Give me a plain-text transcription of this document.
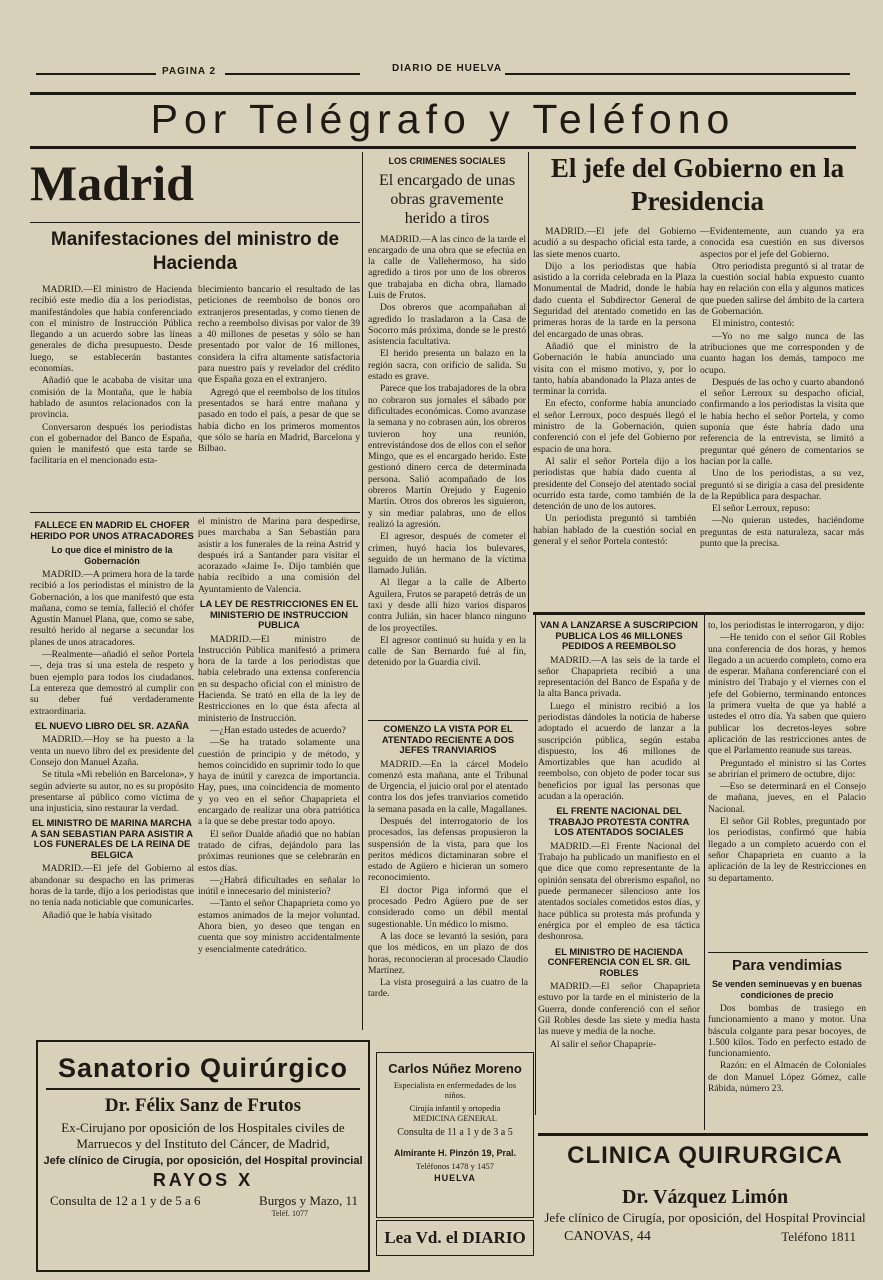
PAGINA 2	DIARIO DE HUELVA
Por Telégrafo y Teléfono
Madrid
Manifestaciones del ministro de Hacienda

MADRID.—El ministro de Hacienda recibió este medio día a los periodistas, manifestándoles que había conferenciado con el ministro de Instrucción Pública llegando a un acuerdo sobre las líneas generales de dicha presupuesto. Desde luego, se establecerán bastantes economías.

Añadió que le acababa de visitar una comisión de la Montaña, que le había hablado de asuntos relacionados con la provincia.

Conversaron después los periodistas con el gobernador del Banco de España, quien le manifestó que esta tarde se facilitaría en el mencionado esta-

blecimiento bancario el resultado de las peticiones de reembolso de bonos oro extranjeros presentadas, y como tienen de recho a reembolso divisas por valor de 39 a 40 millones de pesetas y sólo se han presentado por valor de 16 millones, considera la cifra altamente satisfactoria para nuestro país y revelador del crédito que España goza en el extranjero.

Agregó que el reembolso de los títulos presentados se hará entre mañana y pasado en todo el país, a pesar de que se había dicho en los primeros momentos que sólo se haría en Madrid, Barcelona y Bilbao.

FALLECE EN MADRID EL CHOFER HERIDO POR UNOS ATRACADORES
Lo que dice el ministro de la Gobernación

MADRID.—A primera hora de la tarde recibió a los periodistas el ministro de la Gobernación, a los que manifestó que esta mañana, como se temía, falleció el chófer Agustín Manuel Plana, que, como se sabe, resultó herido al negarse a secundar los planes de unos atracadores.

—Realmente—añadió el señor Portela—, deja tras sí una estela de respeto y buen ejemplo para todos los ciudadanos. La entereza que demostró al cumplir con su deber fué verdaderamente extraordinaria.

EL NUEVO LIBRO DEL SR. AZAÑA

MADRID.—Hoy se ha puesto a la venta un nuevo libro del ex presidente del Consejo don Manuel Azaña.

Se titula «Mi rebelión en Barcelona», y según advierte su autor, no es su propósito presentarse al público como víctima de una injusticia, sino restaurar la verdad.

EL MINISTRO DE MARINA MARCHA A SAN SEBASTIAN PARA ASISTIR A LOS FUNERALES DE LA REINA DE BELGICA

MADRID.—El jefe del Gobierno al abandonar su despacho en las primeras horas de la tarde, dijo a los periodistas que no tenía nada noticiable que comunicarles.

Añadió que le había visitado

el ministro de Marina para despedirse, pues marchaba a San Sebastián para asistir a los funerales de la reina Astrid y después irá a Santander para visitar el acorazado «Jaime I». Dijo también que había recibido a una comisión del Ayuntamiento de Valencia.

LA LEY DE RESTRICCIONES EN EL MINISTERIO DE INSTRUCCION PUBLICA

MADRID.—El ministro de Instrucción Pública manifestó a primera hora de la tarde a los periodistas que había celebrado una extensa conferencia en su despacho oficial con el ministro de Hacienda. Se trató en ella de la ley de Restricciones en lo que ésta afecta al ministerio de Instrucción.

—¿Han estado ustedes de acuerdo?

—Se ha tratado solamente una cuestión de principio y de método, y hemos coincidido en suprimir todo lo que haya de inútil y carezca de importancia. Hay, pues, una coincidencia de momento y yo veo en el señor Chapaprieta el encargado de realizar una obra patriótica a la que se debe prestar todo apoyo.

El señor Dualde añadió que no habían tratado de cifras, dejándolo para las próximas reuniones que se celebrarán en estos días.

—¿Habrá dificultades en señalar lo inútil e innecesario del ministerio?

—Tanto el señor Chapaprieta como yo estamos animados de la mejor voluntad. Ahora bien, yo deseo que tengan en cuenta que soy ministro accidentalmente y esencialmente catedrático.

LOS CRIMENES SOCIALES
El encargado de unas obras gravemente herido a tiros

MADRID.—A las cinco de la tarde el encargado de una obra que se efectúa en la calle de Vallehermoso, ha sido agredido a tiros por uno de los obreros que trabajaba en dicha obra, llamado Luis de Frutos.

Dos obreros que acompañaban al agredido lo trasladaron a la Casa de Socorro más próxima, donde se le prestó asistencia facultativa.

El herido presenta un balazo en la región sacra, con orificio de salida. Su estado es grave.

Parece que los trabajadores de la obra no cobraron sus jornales el sábado por dificultades económicas. Como avanzase la semana y no cobrasen aún, los obreros tuvieron hoy una reunión, entrevistándose dos de ellos con el señor Mingo, que es el encargado herido. Este gestionó dinero cerca de determinada persona. Salió acompañado de los obreros Martín Orejudo y Eugenio Martín. Otros dos obreros les siguieron, y sin mediar palabras, uno de ellos realizó la agresión.

El agresor, después de cometer el crimen, huyó hacia los bulevares, seguido de un hermano de la víctima llamado Julián.

Al llegar a la calle de Alberto Aguilera, Frutos se parapetó detrás de un taxi y desde allí hizo varios disparos contra Julián, sin hacer blanco ninguno de los proyectiles.

El agresor continuó su huída y en la calle de San Bernardo fué al fin, detenido por la Guardia civil.

COMENZO LA VISTA POR EL ATENTADO RECIENTE A DOS JEFES TRANVIARIOS

MADRID.—En la cárcel Modelo comenzó esta mañana, ante el Tribunal de Urgencia, el juicio oral por el atentado contra los dos jefes tranviarios cometido la semana pasada en la calle, Magallanes.

Después del interrogatorio de los procesados, las defensas propusieron la suspensión de la vista, para que los peritos médicos dictaminaran sobre el estado de Agüero e hicieran un somero reconocimiento.

El doctor Piga informó que el procesado Pedro Agüero pue de ser considerado como un débil mental sugestionable. Un médico lo mismo.

A las doce se levantó la sesión, para que los médicos, en un plazo de dos horas, reconocieran al procesado Claudio Martínez.

La vista proseguirá a las cuatro de la tarde.

El jefe del Gobierno en la Presidencia

MADRID.—El jefe del Gobierno acudió a su despacho oficial esta tarde, a las siete menos cuarto.

Dijo a los periodistas que había asistido a la corrida celebrada en la Plaza Monumental de Madrid, donde le había dado cuenta el Subdirector General de Seguridad del atentado cometido en las primeras horas de la tarde en la persona del encargado de unas obras.

Añadió que el ministro de la Gobernación le había anunciado una visita con el mismo motivo, y, por lo tanto, había abandonado la Plaza antes de terminar la corrida.

En efecto, conforme había anunciado el señor Lerroux, poco después llegó el ministro de la Gobernación, quien conferenció con el jefe del Gobierno por espacio de una hora.

Al salir el señor Portela dijo a los periodistas que había dado cuenta al presidente del Consejo del atentado social ocurrido esta tarde, como también de la detención de uno de los autores.

Un periodista preguntó si también habían hablado de la cuestión social en general y el señor Portela contestó:

—Evidentemente, aun cuando ya era conocida esa cuestión en sus diversos aspectos por el jefe del Gobierno.

Otro periodista preguntó si al tratar de la cuestión social había expuesto cuanto hay en relación con ella y algunos matices que pueden salirse del ámbito de la cartera de Gobernación.

El ministro, contestó:

—Yo no me salgo nunca de las atribuciones que me corresponden y de cuanto hagan los demás, tampoco me ocupo.

Después de las ocho y cuarto abandonó el señor Lerroux su despacho oficial, confirmando a los periodistas la visita que le había hecho el señor Portela, y como suponía que éste habría dado una referencia de la entrevista, se limitó a preguntar qué género de comentarios se hacían por la calle.

Uno de los periodistas, a su vez, preguntó si se dirigía a casa del presidente de la República para despachar.

El señor Lerroux, repuso:

—No quieran ustedes, haciéndome preguntas de esta naturaleza, sacar más punto que la precisa.

VAN A LANZARSE A SUSCRIPCION PUBLICA LOS 46 MILLONES PEDIDOS A REEMBOLSO

MADRID.—A las seis de la tarde el señor Chapaprieta recibió a una representación del Banco de España y de la alta Banca privada.

Luego el ministro recibió a los periodistas dándoles la noticia de haberse adoptado el acuerdo de lanzar a la suscripción pública, según estaba dispuesto, los 46 millones de Amortizables que han acudido al reembolso, con objeto de poder tocar sus beneficios por igual las personas que acudan a la operación.

EL FRENTE NACIONAL DEL TRABAJO PROTESTA CONTRA LOS ATENTADOS SOCIALES

MADRID.—El Frente Nacional del Trabajo ha publicado un manifiesto en el que dice que como representante de la opinión sensata del obrerismo español, no puede permanecer silencioso ante los atentados sociales cometidos estos días, y hace pública su protesta más profunda y enérgica por el empleo de esa táctica deshonrosa.

EL MINISTRO DE HACIENDA CONFERENCIA CON EL SR. GIL ROBLES

MADRID.—El señor Chapaprieta estuvo por la tarde en el ministerio de la Guerra, donde conferenció con el señor Gil Robles desde las siete y media hasta las nueve y media de la noche.

Al salir el señor Chapaprie-

to, los periodistas le interrogaron, y dijo:

—He tenido con el señor Gil Robles una conferencia de dos horas, y hemos llegado a un acuerdo completo, como era de esperar. Mañana conferenciaré con el ministro del Trabajo y el viernes con el jefe del Gobierno, terminando entonces la primera vuelta de que ya hablé a ustedes el otro día. Ya saben que quiero publicar los decretos-leyes sobre aplicación de las restricciones antes de que el Parlamento reanude sus tareas.

Preguntado el ministro si las Cortes se abrirían el primero de octubre, dijo:

—Eso se determinará en el Consejo de mañana, jueves, en el Palacio Nacional.

El señor Gil Robles, preguntado por los periodistas, confirmó que había llegado a un completo acuerdo con el señor Chapaprieta en cuanto a la aplicación de la ley de Restricciones en su departamento.

Para vendimias
Se venden seminuevas y en buenas condiciones de precio

Dos bombas de trasiego en funcionamiento a mano y motor. Una báscula colgante para pesar bocoyes, de 1.500 kilos. Todo en perfecto estado de funcionamiento.

Razón: en el Almacén de Coloniales de don Manuel López Gómez, calle Rábida, número 23.

Sanatorio Quirúrgico
Dr. Félix Sanz de Frutos
Ex-Cirujano por oposición de los Hospitales civiles de Marruecos y del Instituto del Cáncer, de Madrid,
Jefe clínico de Cirugía, por oposición, del Hospital provincial
RAYOS X
Consulta de 12 a 1 y de 5 a 6	Burgos y Mazo, 11
Teléf. 1077
Carlos Núñez Moreno
Especialista en enfermedades de los niños.
Cirujía infantil y ortopedia
MEDICINA GENERAL
Consulta de 11 a 1 y de 3 a 5
Almirante H. Pinzón 19, Pral.
Teléfonos 1478 y 1457
HUELVA
Lea Vd. el DIARIO
CLINICA QUIRURGICA
Dr. Vázquez Limón
Jefe clínico de Cirugía, por oposición, del Hospital Provincial
CANOVAS, 44	Teléfono 1811
